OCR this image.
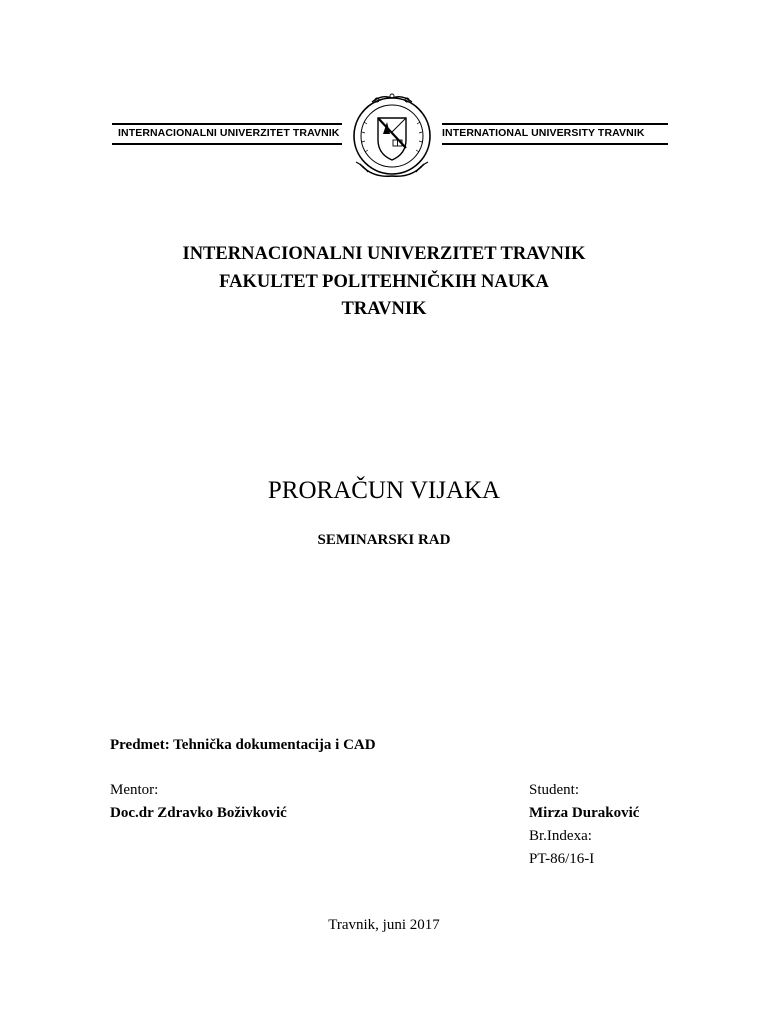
INTERNACIONALNI UNIVERZITET TRAVNIK	INTERNATIONAL UNIVERSITY TRAVNIK
INTERNACIONALNI UNIVERZITET TRAVNIK
FAKULTET POLITEHNIČKIH NAUKA
TRAVNIK
PRORAČUN VIJAKA
SEMINARSKI RAD
Predmet: Tehnička dokumentacija i CAD
Mentor:
Doc.dr Zdravko Boživković
Student:
Mirza Duraković
Br.Indexa:
PT-86/16-I
Travnik, juni 2017
